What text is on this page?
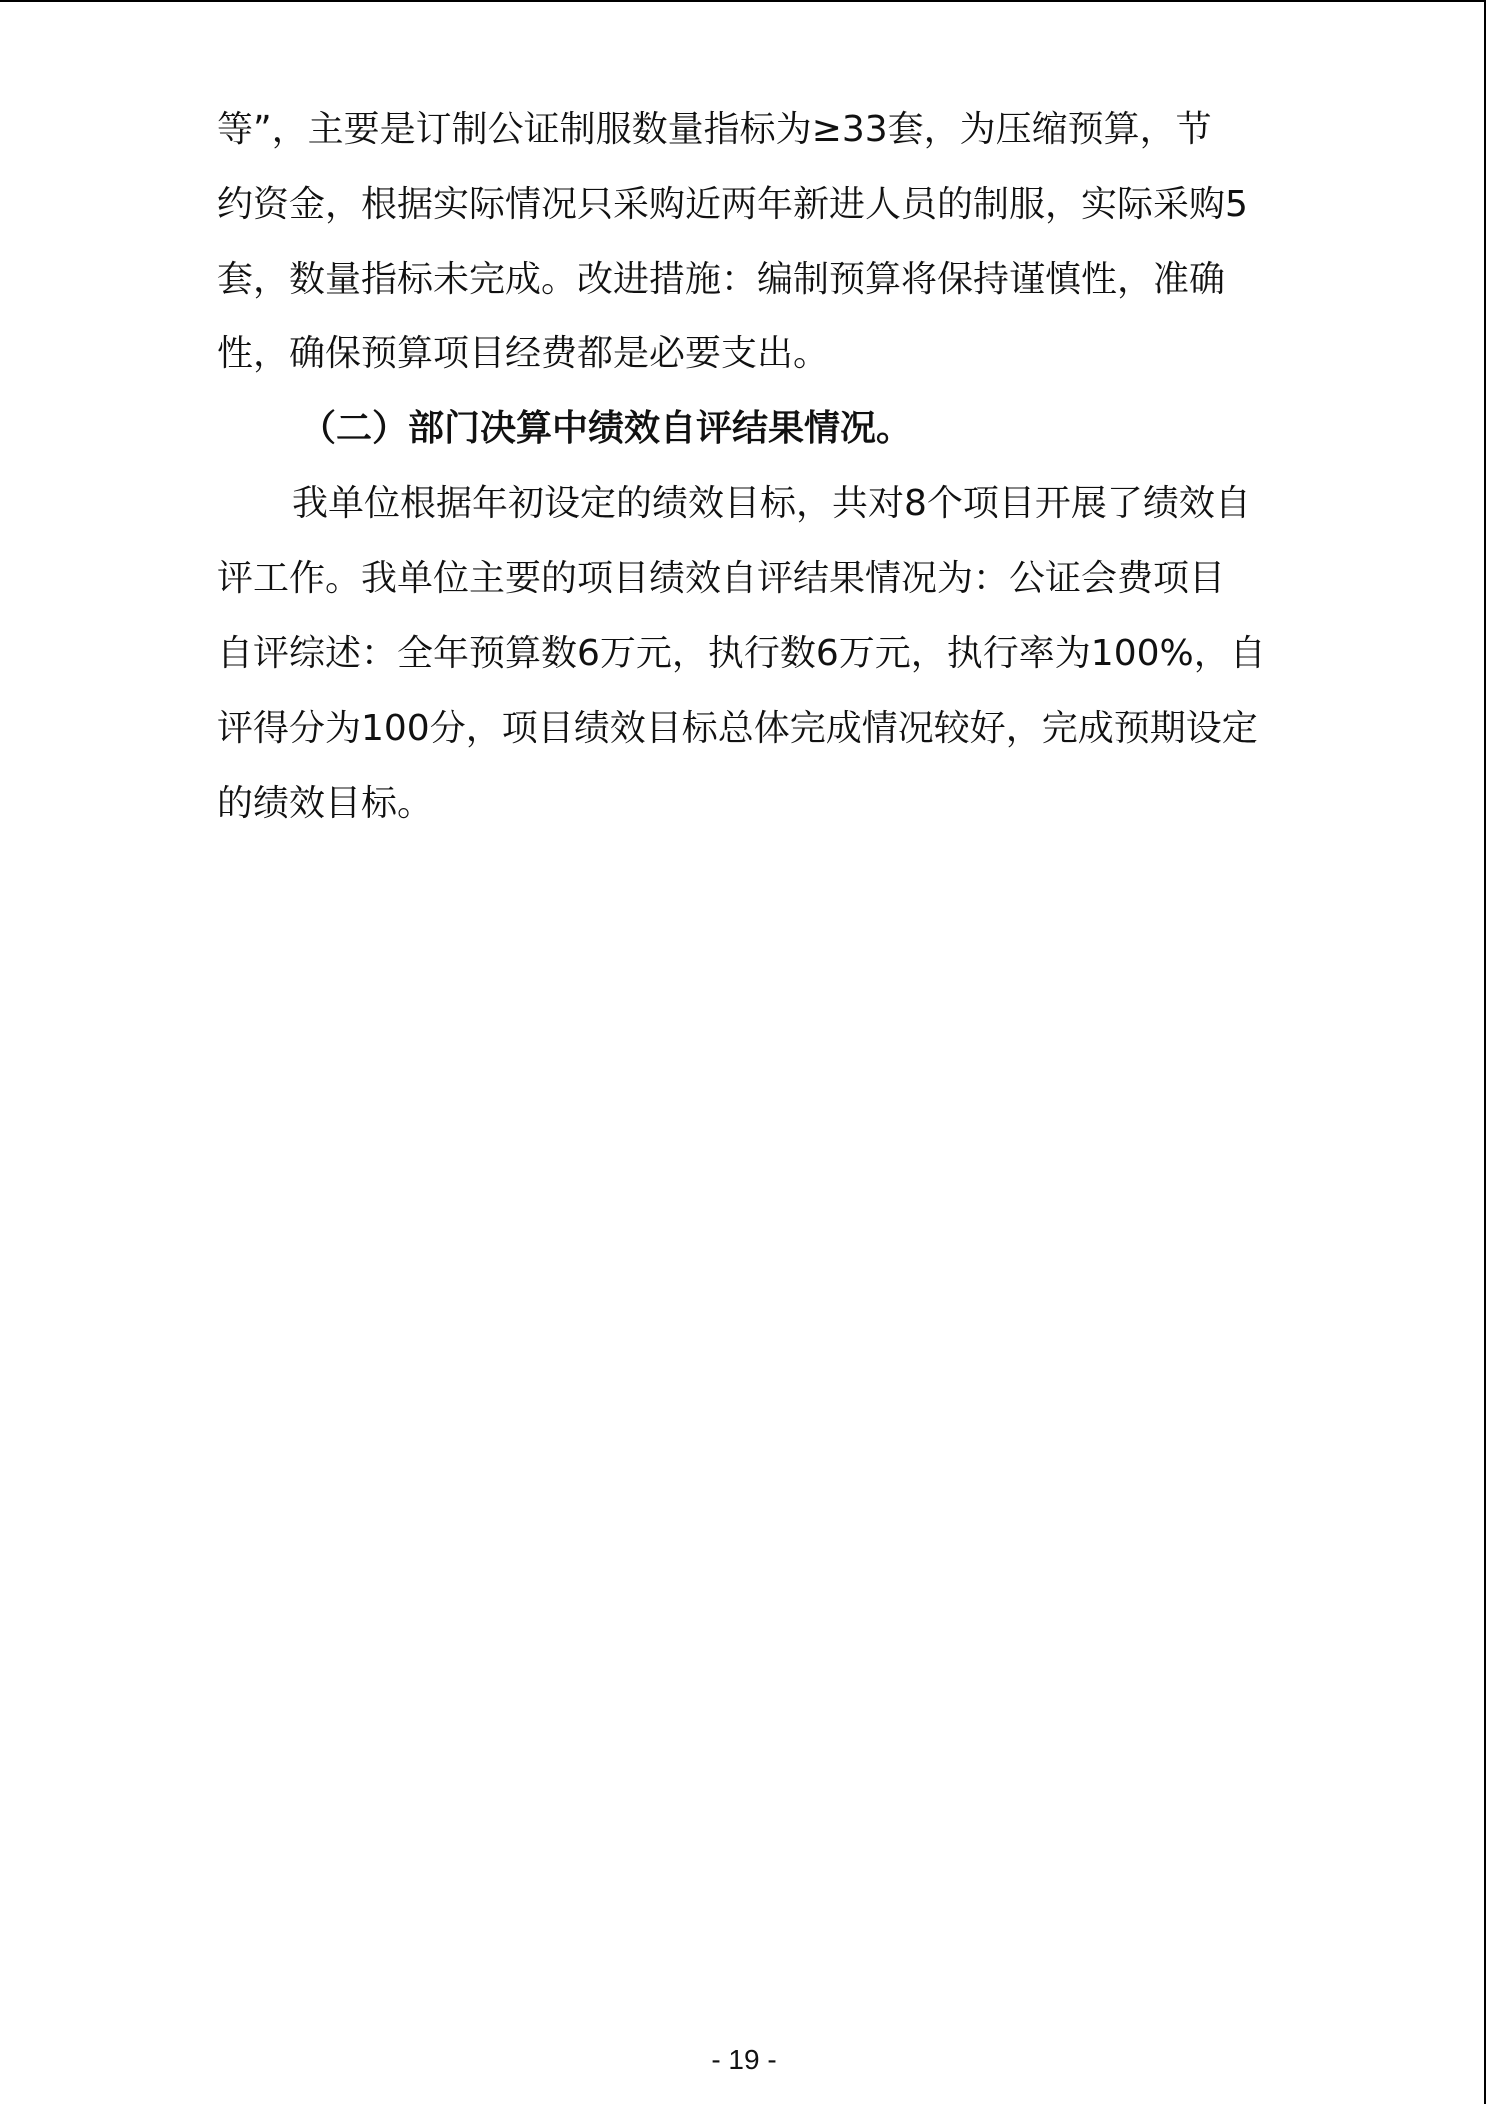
等”，主要是订制公证制服数量指标为≥33套，为压缩预算，节
约资金，根据实际情况只采购近两年新进人员的制服，实际采购5
套，数量指标未完成。改进措施：编制预算将保持谨慎性，准确
性，确保预算项目经费都是必要支出。
（二）部门决算中绩效自评结果情况。
我单位根据年初设定的绩效目标，共对8个项目开展了绩效自
评工作。我单位主要的项目绩效自评结果情况为：公证会费项目
自评综述：全年预算数6万元，执行数6万元，执行率为100%，自
评得分为100分，项目绩效目标总体完成情况较好，完成预期设定
的绩效目标。
- 19 -
